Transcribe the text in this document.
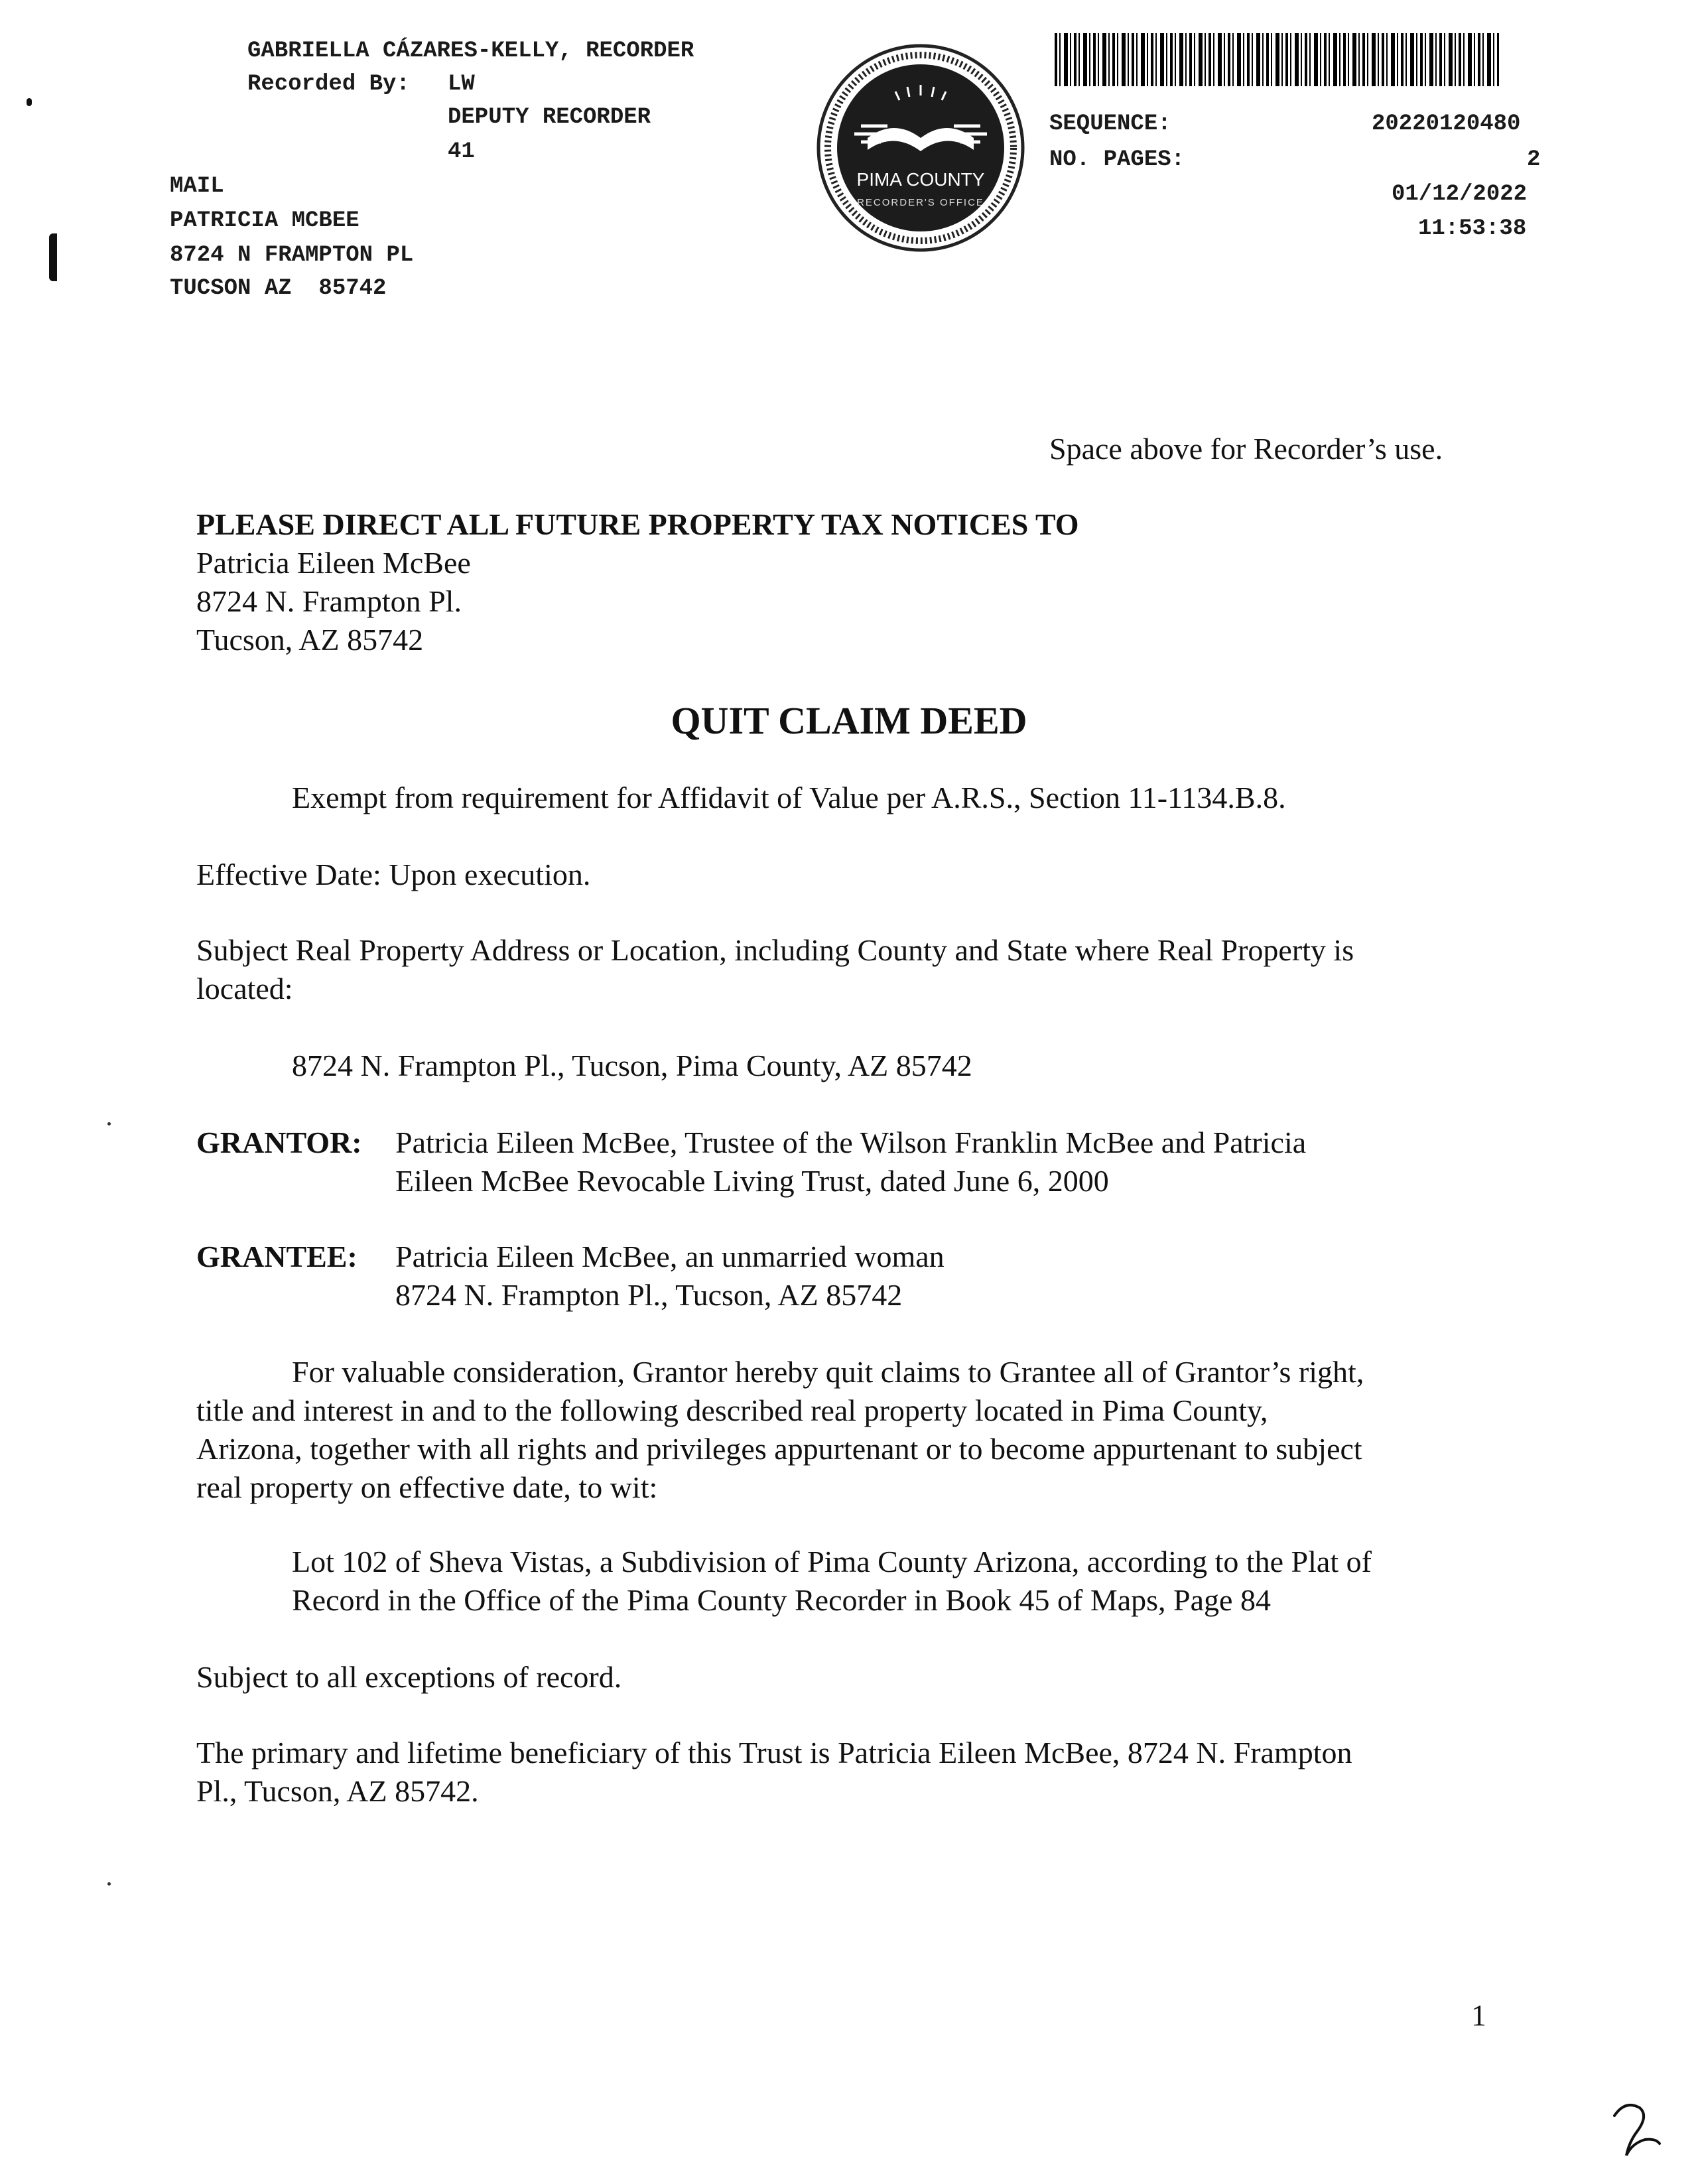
GABRIELLA CÁZARES-KELLY, RECORDER
Recorded By: LW
DEPUTY RECORDER
41
MAIL
PATRICIA MCBEE
8724 N FRAMPTON PL
TUCSON AZ  85742
PIMA COUNTY
RECORDER'S OFFICE
SEQUENCE:	20220120480
NO. PAGES:	2
01/12/2022
11:53:38
Space above for Recorder’s use.
PLEASE DIRECT ALL FUTURE PROPERTY TAX NOTICES TO
Patricia Eileen McBee
8724 N. Frampton Pl.
Tucson, AZ 85742
QUIT CLAIM DEED
Exempt from requirement for Affidavit of Value per A.R.S., Section 11-1134.B.8.
Effective Date: Upon execution.
Subject Real Property Address or Location, including County and State where Real Property is
located:
8724 N. Frampton Pl., Tucson, Pima County, AZ 85742
GRANTOR: Patricia Eileen McBee, Trustee of the Wilson Franklin McBee and Patricia
Eileen McBee Revocable Living Trust, dated June 6, 2000
GRANTEE: Patricia Eileen McBee, an unmarried woman
8724 N. Frampton Pl., Tucson, AZ 85742
For valuable consideration, Grantor hereby quit claims to Grantee all of Grantor’s right,
title and interest in and to the following described real property located in Pima County,
Arizona, together with all rights and privileges appurtenant or to become appurtenant to subject
real property on effective date, to wit:
Lot 102 of Sheva Vistas, a Subdivision of Pima County Arizona, according to the Plat of
Record in the Office of the Pima County Recorder in Book 45 of Maps, Page 84
Subject to all exceptions of record.
The primary and lifetime beneficiary of this Trust is Patricia Eileen McBee, 8724 N. Frampton
Pl., Tucson, AZ 85742.
1
